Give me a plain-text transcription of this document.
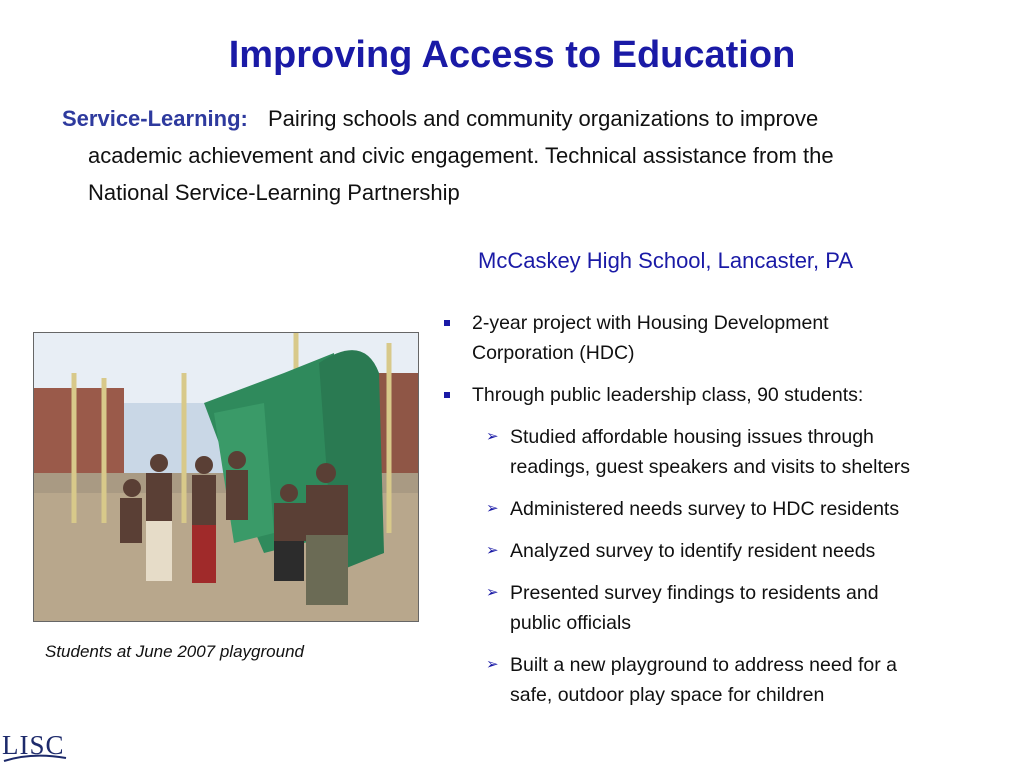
Improving Access to Education
Service-Learning: Pairing schools and community organizations to improve
academic achievement and civic engagement. Technical assistance from the
National Service-Learning Partnership
McCaskey High School, Lancaster, PA
Students at June 2007 playground
2-year project with Housing Development
Corporation (HDC)
Through public leadership class, 90 students:
➢ Studied affordable housing issues through
readings, guest speakers and visits to shelters
➢ Administered needs survey to HDC residents
➢ Analyzed survey to identify resident needs
➢ Presented survey findings to residents and
public officials
➢ Built a new playground to address need for a
safe, outdoor play space for children
LISC
